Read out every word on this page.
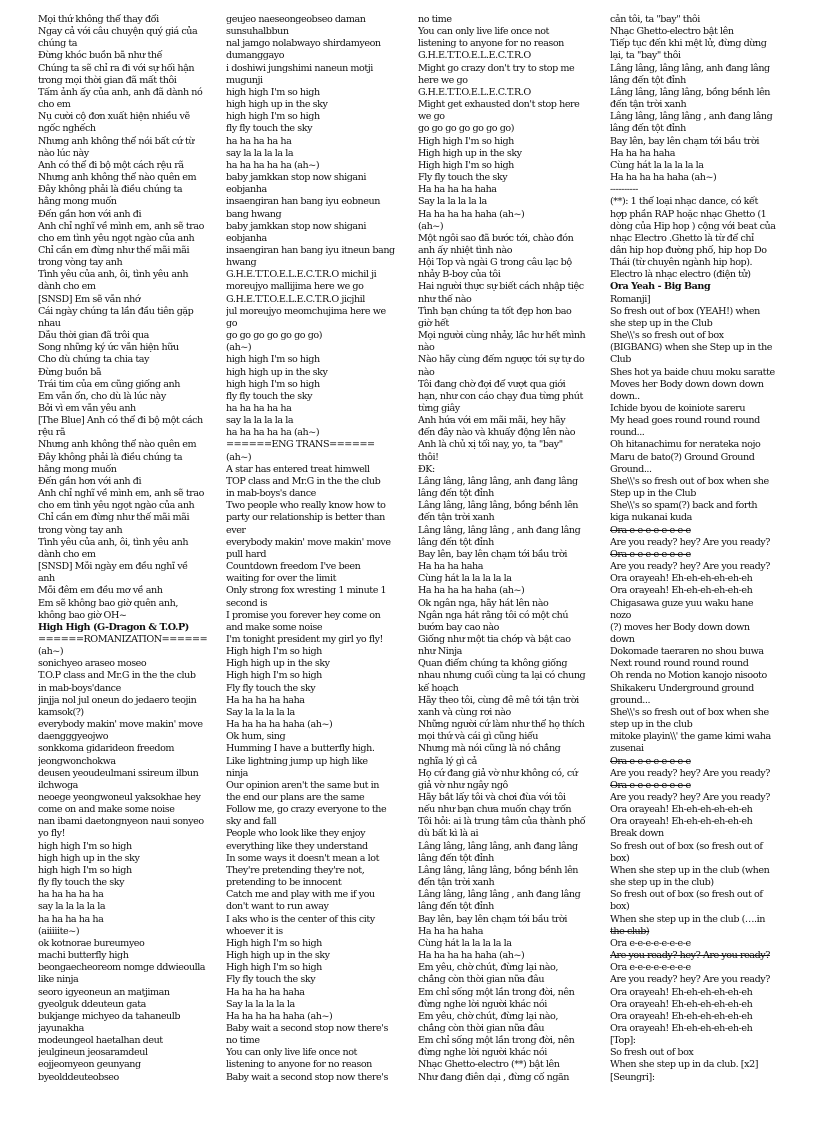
Mọi thứ không thể thay đổi
Ngay cả với câu chuyện quý giá của
chúng ta
Đừng khóc buồn bã như thế
Chúng ta sẽ chỉ ra đi với sự hối hận
trong mọi thời gian đã mất thôi
Tấm ảnh ấy của anh, anh đã dành nó
cho em
Nụ cười cộ đơn xuất hiện nhiều vẽ
ngốc nghếch
Nhưng anh không thể nói bất cứ từ
nào lúc này
Anh có thể đi bộ một cách rệu rã
Nhưng anh không thể nào quên em
Đây không phải là điều chúng ta
hằng mong muốn
Đến gần hơn với anh đi
Anh chỉ nghĩ về mình em, anh sẽ trao
cho em tình yêu ngọt ngào của anh
Chỉ cần em đừng như thế mãi mãi
trong vòng tay anh
Tình yêu của anh, ôi, tình yêu anh
dành cho em
[SNSD] Em sẽ vẫn nhớ
Cái ngày chúng ta lần đầu tiên gặp
nhau
Dẫu thời gian đã trôi qua
Song những ký ức vẫn hiện hữu
Cho dù chúng ta chia tay
Đừng buồn bã
Trái tim của em cũng giống anh
Em vẫn ổn, cho dù là lúc này
Bởi vì em vẫn yêu anh
[The Blue] Anh có thể đi bộ một cách
rệu rã
Nhưng anh không thể nào quên em
Đây không phải là điều chúng ta
hằng mong muốn
Đến gần hơn với anh đi
Anh chỉ nghĩ về mình em, anh sẽ trao
cho em tình yêu ngọt ngào của anh
Chỉ cần em đừng như thế mãi mãi
trong vòng tay anh
Tình yêu của anh, ôi, tình yêu anh
dành cho em
[SNSD] Mỗi ngày em đều nghĩ về
anh
Mỗi đêm em đều mơ về anh
Em sẽ không bao giờ quên anh,
không bao giờ OH~
High High (G-Dragon & T.O.P)
======ROMANIZATION======
(ah~)
sonichyeo araseo moseo
T.O.P class and Mr.G in the the club
in mab-boys'dance
jinjja nol jul oneun do jedaero teojin
kamsok(?)
everybody makin' move makin' move
daengggyeojwo
sonkkoma gidarideon freedom
jeongwonchokwa
deusen yeoudeulmani ssireum ilbun
ilchwoga
neoege yeongwoneul yaksokhae hey
come on and make some noise
nan ibami daetongnyeon naui sonyeo
yo fly!
high high I'm so high
high high up in the sky
high high I'm so high
fly fly touch the sky
ha ha ha ha ha
say la la la la la
ha ha ha ha ha
(aiiiiite~)
ok kotnorae bureumyeo
machi butterfly high
beongaecheoreom nomge ddwieoulla
like ninja
seoro igyeoneun an matjiman
gyeolguk ddeuteun gata
bukjange michyeo da tahaneulb
jayunakha
modeungeol haetalhan deut
jeulgineun jeosaramdeul
eojjeomyeon geunyang
byeolddeuteobseo
geujeo naeseongeobseo daman
sunsuhalbbun
nal jamgo nolabwayo shirdamyeon
dumanggayo
i doshiwi jungshimi naneun motji
mugunji
high high I'm so high
high high up in the sky
high high I'm so high
fly fly touch the sky
ha ha ha ha ha
say la la la la la
ha ha ha ha ha (ah~)
baby jamkkan stop now shigani
eobjanha
insaengiran han bang iyu eobneun
bang hwang
baby jamkkan stop now shigani
eobjanha
insaengiran han bang iyu itneun bang
hwang
G.H.E.T.T.O.E.L.E.C.T.R.O michil ji
moreujyo mallijima here we go
G.H.E.T.T.O.E.L.E.C.T.R.O jicjhil
jul moreujyo meomchujima here we
go
go go go go go go go)
(ah~)
high high I'm so high
high high up in the sky
high high I'm so high
fly fly touch the sky
ha ha ha ha ha
say la la la la la
ha ha ha ha ha (ah~)
======ENG TRANS======
(ah~)
A star has entered treat himwell
TOP class and Mr.G in the the club
in mab-boys's dance
Two people who really know how to
party our relationship is better than
ever
everybody makin' move makin' move
pull hard
Countdown freedom I've been
waiting for over the limit
Only strong fox wresting 1 minute 1
second is
I promise you forever hey come on
and make some noise
I'm tonight president my girl yo fly!
High high I'm so high
High high up in the sky
High high I'm so high
Fly fly touch the sky
Ha ha ha ha haha
Say la la la la la
Ha ha ha ha haha (ah~)
Ok hum, sing
Humming I have a butterfly high.
Like lightning jump up high like
ninja
Our opinion aren't the same but in
the end our plans are the same
Follow me, go crazy everyone to the
sky and fall
People who look like they enjoy
everything like they understand
In some ways it doesn't mean a lot
They're pretending they're not,
pretending to be innocent
Catch me and play with me if you
don't want to run away
I aks who is the center of this city
whoever it is
High high I'm so high
High high up in the sky
High high I'm so high
Fly fly touch the sky
Ha ha ha ha haha
Say la la la la la
Ha ha ha ha haha (ah~)
Baby wait a second stop now there's
no time
You can only live life once not
listening to anyone for no reason
Baby wait a second stop now there's
no time
You can only live life once not
listening to anyone for no reason
G.H.E.T.T.O.E.L.E.C.T.R.O
Might go crazy don't try to stop me
here we go
G.H.E.T.T.O.E.L.E.C.T.R.O
Might get exhausted don't stop here
we go
go go go go go go go)
High high I'm so high
High high up in the sky
High high I'm so high
Fly fly touch the sky
Ha ha ha ha haha
Say la la la la la
Ha ha ha ha haha (ah~)
(ah~)
Một ngôi sao đã bước tới, chào đón
anh ấy nhiệt tình nào
Hội Top và ngài G trong câu lạc bộ
nhảy B-boy của tôi
Hai người thực sự biết cách nhập tiệc
như thế nào
Tình bạn chúng ta tốt đẹp hơn bao
giờ hết
Mọi người cùng nhảy, lắc hư hết mình
nào
Nào hãy cùng đếm ngược tới sự tự do
nào
Tôi đang chờ đợi để vượt qua giới
hạn, như con cáo chạy đua từng phút
từng giây
Anh hứa với em mãi mãi, hey hãy
đến đây nào và khuấy động lên nào
Anh là chủ xị tối nay, yo, ta "bay"
thôi!
ĐK:
Lâng lâng, lâng lâng, anh đang lâng
lâng đến tột đỉnh
Lâng lâng, lâng lâng, bồng bềnh lên
đến tận trời xanh
Lâng lâng, lâng lâng , anh đang lâng
lâng đến tột đỉnh
Bay lên, bay lên chạm tới bầu trời
Ha ha ha haha
Cùng hát la la la la la
Ha ha ha ha haha (ah~)
Ok ngân nga, hãy hát lên nào
Ngân nga hát rằng tôi có một chú
bướm bay cao nào
Giống như một tia chớp và bật cao
như Ninja
Quan điểm chúng ta không giống
nhau nhưng cuối cùng ta lại có chung
kế hoạch
Hãy theo tôi, cùng đê mê tới tận trời
xanh và cùng rơi nào
Những người cứ làm như thể họ thích
mọi thứ và cái gì cũng hiểu
Nhưng mà nói cũng là nó chẳng
nghĩa lý gì cả
Họ cứ đang giả vờ như không có, cứ
giả vờ như ngây ngô
Hãy bắt lấy tôi và chơi đùa với tôi
nếu như bạn chưa muốn chạy trốn
Tôi hỏi: ai là trung tâm của thành phố
dù bất kì là ai
Lâng lâng, lâng lâng, anh đang lâng
lâng đến tột đỉnh
Lâng lâng, lâng lâng, bồng bềnh lên
đến tận trời xanh
Lâng lâng, lâng lâng , anh đang lâng
lâng đến tột đỉnh
Bay lên, bay lên chạm tới bầu trời
Ha ha ha haha
Cùng hát la la la la la
Ha ha ha ha haha (ah~)
Em yêu, chờ chút, đừng lại nào,
chẳng còn thời gian nữa đâu
Em chỉ sống một lần trong đời, nên
đừng nghe lời người khác nói
Em yêu, chờ chút, đừng lại nào,
chẳng còn thời gian nữa đâu
Em chỉ sống một lần trong đời, nên
đừng nghe lời người khác nói
Nhạc Ghetto-electro (**) bật lên
Như đang điên dại , đừng cố ngăn
cản tôi, ta "bay" thôi
Nhạc Ghetto-electro bật lên
Tiếp tục đến khi mệt lử, đừng dừng
lại, ta "bay" thôi
Lâng lâng, lâng lâng, anh đang lâng
lâng đến tột đỉnh
Lâng lâng, lâng lâng, bồng bềnh lên
đến tận trời xanh
Lâng lâng, lâng lâng , anh đang lâng
lâng đến tột đỉnh
Bay lên, bay lên chạm tới bầu trời
Ha ha ha haha
Cùng hát la la la la la
Ha ha ha ha haha (ah~)
----------
(**): 1 thể loại nhạc dance, có kết
hợp phần RAP hoặc nhạc Ghetto (1
dòng của Hip hop ) cộng với beat của
nhạc Electro .Ghetto là từ để chỉ
dân hip hop đường phố, hip hop Do
Thái (từ chuyên ngành hip hop).
Electro là nhạc electro (điện tử)
Ora Yeah - Big Bang
Romanji]
So fresh out of box (YEAH!) when
she step up in the Club
She\\'s so fresh out of box
(BIGBANG) when she Step up in the
Club
Shes hot ya baide chuu moku saratte
Moves her Body down down down
down..
Ichide byou de koiniote sareru
My head goes round round round
round...
Oh hitanachimu for nerateka nojo
Maru de bato(?) Ground Ground
Ground...
She\\'s so fresh out of box when she
Step up in the Club
She\\'s so spam(?) back and forth
kiga nukanai kuda
Ora e-e-e-e-e-e-e-e
Are you ready? hey? Are you ready?
Ora e-e-e-e-e-e-e-e
Are you ready? hey? Are you ready?
Ora orayeah! Eh-eh-eh-eh-eh-eh
Ora orayeah! Eh-eh-eh-eh-eh-eh
Chigasawa guze yuu waku hane
nozo
(?) moves her Body down down
down
Dokomade taeraren no shou buwa
Next round round round round
Oh renda no Motion kanojo nisooto
Shikakeru Underground ground
ground...
She\\'s so fresh out of box when she
step up in the club
mitoke playin\\' the game kimi waha
zusenai
Ora e-e-e-e-e-e-e-e
Are you ready? hey? Are you ready?
Ora e-e-e-e-e-e-e-e
Are you ready? hey? Are you ready?
Ora orayeah! Eh-eh-eh-eh-eh-eh
Ora orayeah! Eh-eh-eh-eh-eh-eh
Break down
So fresh out of box (so fresh out of
box)
When she step up in the club (when
she step up in the club)
So fresh out of box (so fresh out of
box)
When she step up in the club (….in
the club)
Ora e-e-e-e-e-e-e-e
Are you ready? hey? Are you ready?
Ora e-e-e-e-e-e-e-e
Are you ready? hey? Are you ready?
Ora orayeah! Eh-eh-eh-eh-eh-eh
Ora orayeah! Eh-eh-eh-eh-eh-eh
Ora orayeah! Eh-eh-eh-eh-eh-eh
Ora orayeah! Eh-eh-eh-eh-eh-eh
[Top]:
So fresh out of box
When she step up in da club. [x2]
[Seungri]:
